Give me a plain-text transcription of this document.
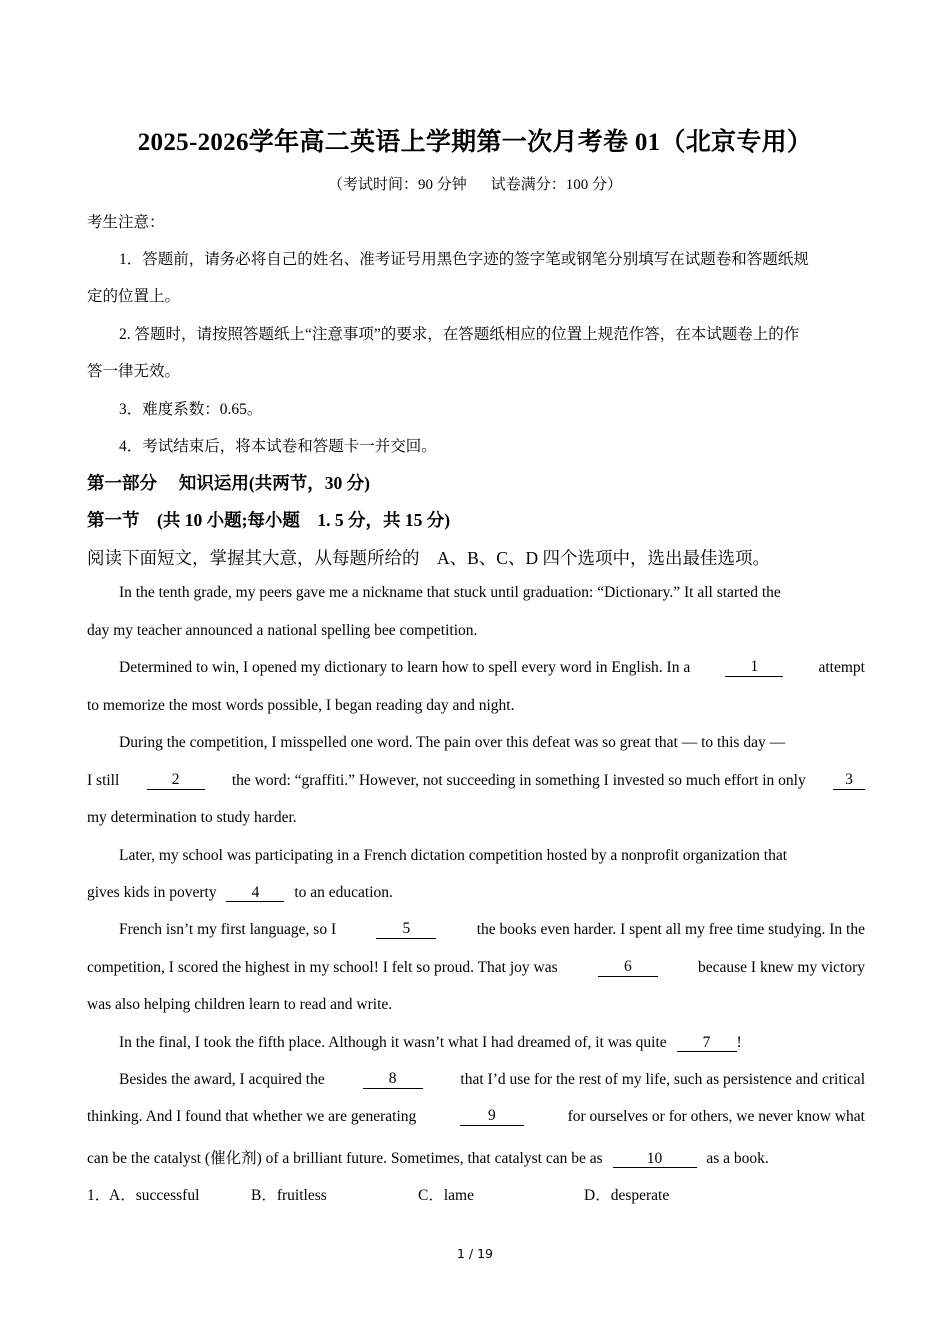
2025-2026学年高二英语上学期第一次月考卷 01（北京专用）
（考试时间：90 分钟 试卷满分：100 分）
考生注意：
1．答题前，请务必将自己的姓名、准考证号用黑色字迹的签字笔或钢笔分别填写在试题卷和答题纸规
定的位置上。
2. 答题时，请按照答题纸上“注意事项”的要求，在答题纸相应的位置上规范作答，在本试题卷上的作
答一律无效。
3．难度系数：0.65。
4．考试结束后，将本试卷和答题卡一并交回。
第一部分　 知识运用(共两节，30 分)
第一节　(共 10 小题;每小题　1. 5 分，共 15 分)
阅读下面短文，掌握其大意，从每题所给的　A、B、C、D 四个选项中，选出最佳选项。
In the tenth grade, my peers gave me a nickname that stuck until graduation: “Dictionary.” It all started the
day my teacher announced a national spelling bee competition.
Determined to win, I opened my dictionary to learn how to spell every word in English. In a	1	attempt
to memorize the most words possible, I began reading day and night.
During the competition, I misspelled one word. The pain over this defeat was so great that — to this day —
I still	2	the word: “graffiti.” However, not succeeding in something I invested so much effort in only	3
my determination to study harder.
Later, my school was participating in a French dictation competition hosted by a nonprofit organization that
gives kids in poverty 4 to an education.
French isn’t my first language, so I	5	the books even harder. I spent all my free time studying. In the
competition, I scored the highest in my school! I felt so proud. That joy was	6	because I knew my victory
was also helping children learn to read and write.
In the final, I took the fifth place. Although it wasn’t what I had dreamed of, it was quite 7 !
Besides the award, I acquired the	8	that I’d use for the rest of my life, such as persistence and critical
thinking. And I found that whether we are generating	9	for ourselves or for others, we never know what
can be the catalyst (催化剂) of a brilliant future. Sometimes, that catalyst can be as	10	as a book.
1．
A．successful	B．fruitless	C．lame	D．desperate
1 / 19
